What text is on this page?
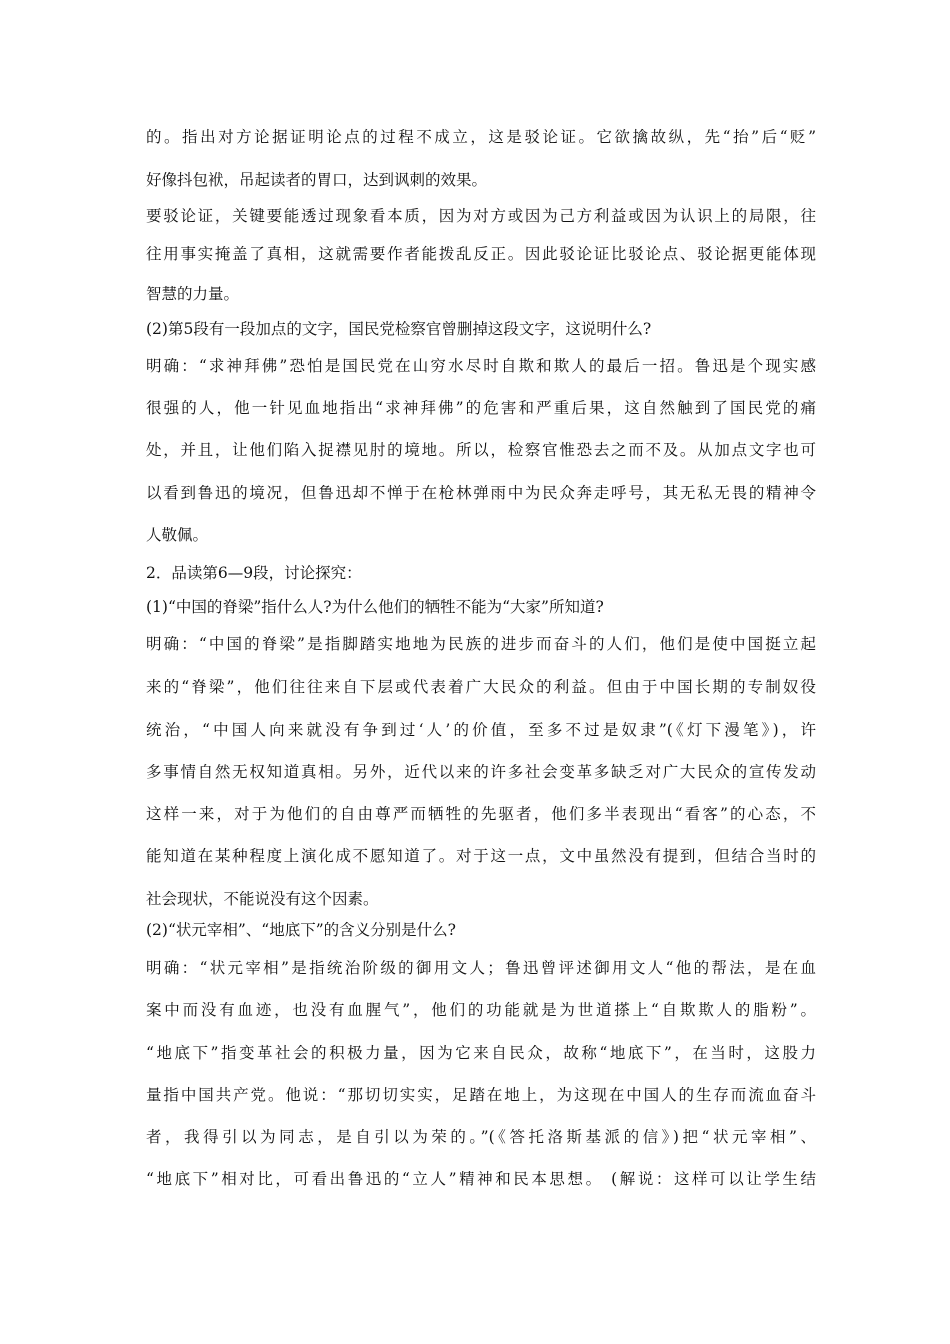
的。指出对方论据证明论点的过程不成立，这是驳论证。它欲擒故纵，先“抬”后“贬”
好像抖包袱，吊起读者的胃口，达到讽刺的效果。
要驳论证，关键要能透过现象看本质，因为对方或因为己方利益或因为认识上的局限，往
往用事实掩盖了真相，这就需要作者能拨乱反正。因此驳论证比驳论点、驳论据更能体现
智慧的力量。
(2)第5段有一段加点的文字，国民党检察官曾删掉这段文字，这说明什么?
明确：“求神拜佛”恐怕是国民党在山穷水尽时自欺和欺人的最后一招。鲁迅是个现实感
很强的人，他一针见血地指出“求神拜佛”的危害和严重后果，这自然触到了国民党的痛
处，并且，让他们陷入捉襟见肘的境地。所以，检察官惟恐去之而不及。从加点文字也可
以看到鲁迅的境况，但鲁迅却不惮于在枪林弹雨中为民众奔走呼号，其无私无畏的精神令
人敬佩。
2．品读第6—9段，讨论探究：
(1)“中国的脊梁”指什么人?为什么他们的牺牲不能为“大家”所知道?
明确：“中国的脊梁”是指脚踏实地地为民族的进步而奋斗的人们，他们是使中国挺立起
来的“脊梁”，他们往往来自下层或代表着广大民众的利益。但由于中国长期的专制奴役
统治，“中国人向来就没有争到过‘人’的价值，至多不过是奴隶”(《灯下漫笔》)，许
多事情自然无权知道真相。另外，近代以来的许多社会变革多缺乏对广大民众的宣传发动
这样一来，对于为他们的自由尊严而牺牲的先驱者，他们多半表现出“看客”的心态，不
能知道在某种程度上演化成不愿知道了。对于这一点，文中虽然没有提到，但结合当时的
社会现状，不能说没有这个因素。
(2)“状元宰相”、“地底下”的含义分别是什么?
明确：“状元宰相”是指统治阶级的御用文人；鲁迅曾评述御用文人“他的帮法，是在血
案中而没有血迹，也没有血腥气”，他们的功能就是为世道搽上“自欺欺人的脂粉”。
“地底下”指变革社会的积极力量，因为它来自民众，故称“地底下”，在当时，这股力
量指中国共产党。他说：“那切切实实，足踏在地上，为这现在中国人的生存而流血奋斗
者，我得引以为同志，是自引以为荣的。”(《答托洛斯基派的信》)把“状元宰相”、
“地底下”相对比，可看出鲁迅的“立人”精神和民本思想。 (解说：这样可以让学生结
